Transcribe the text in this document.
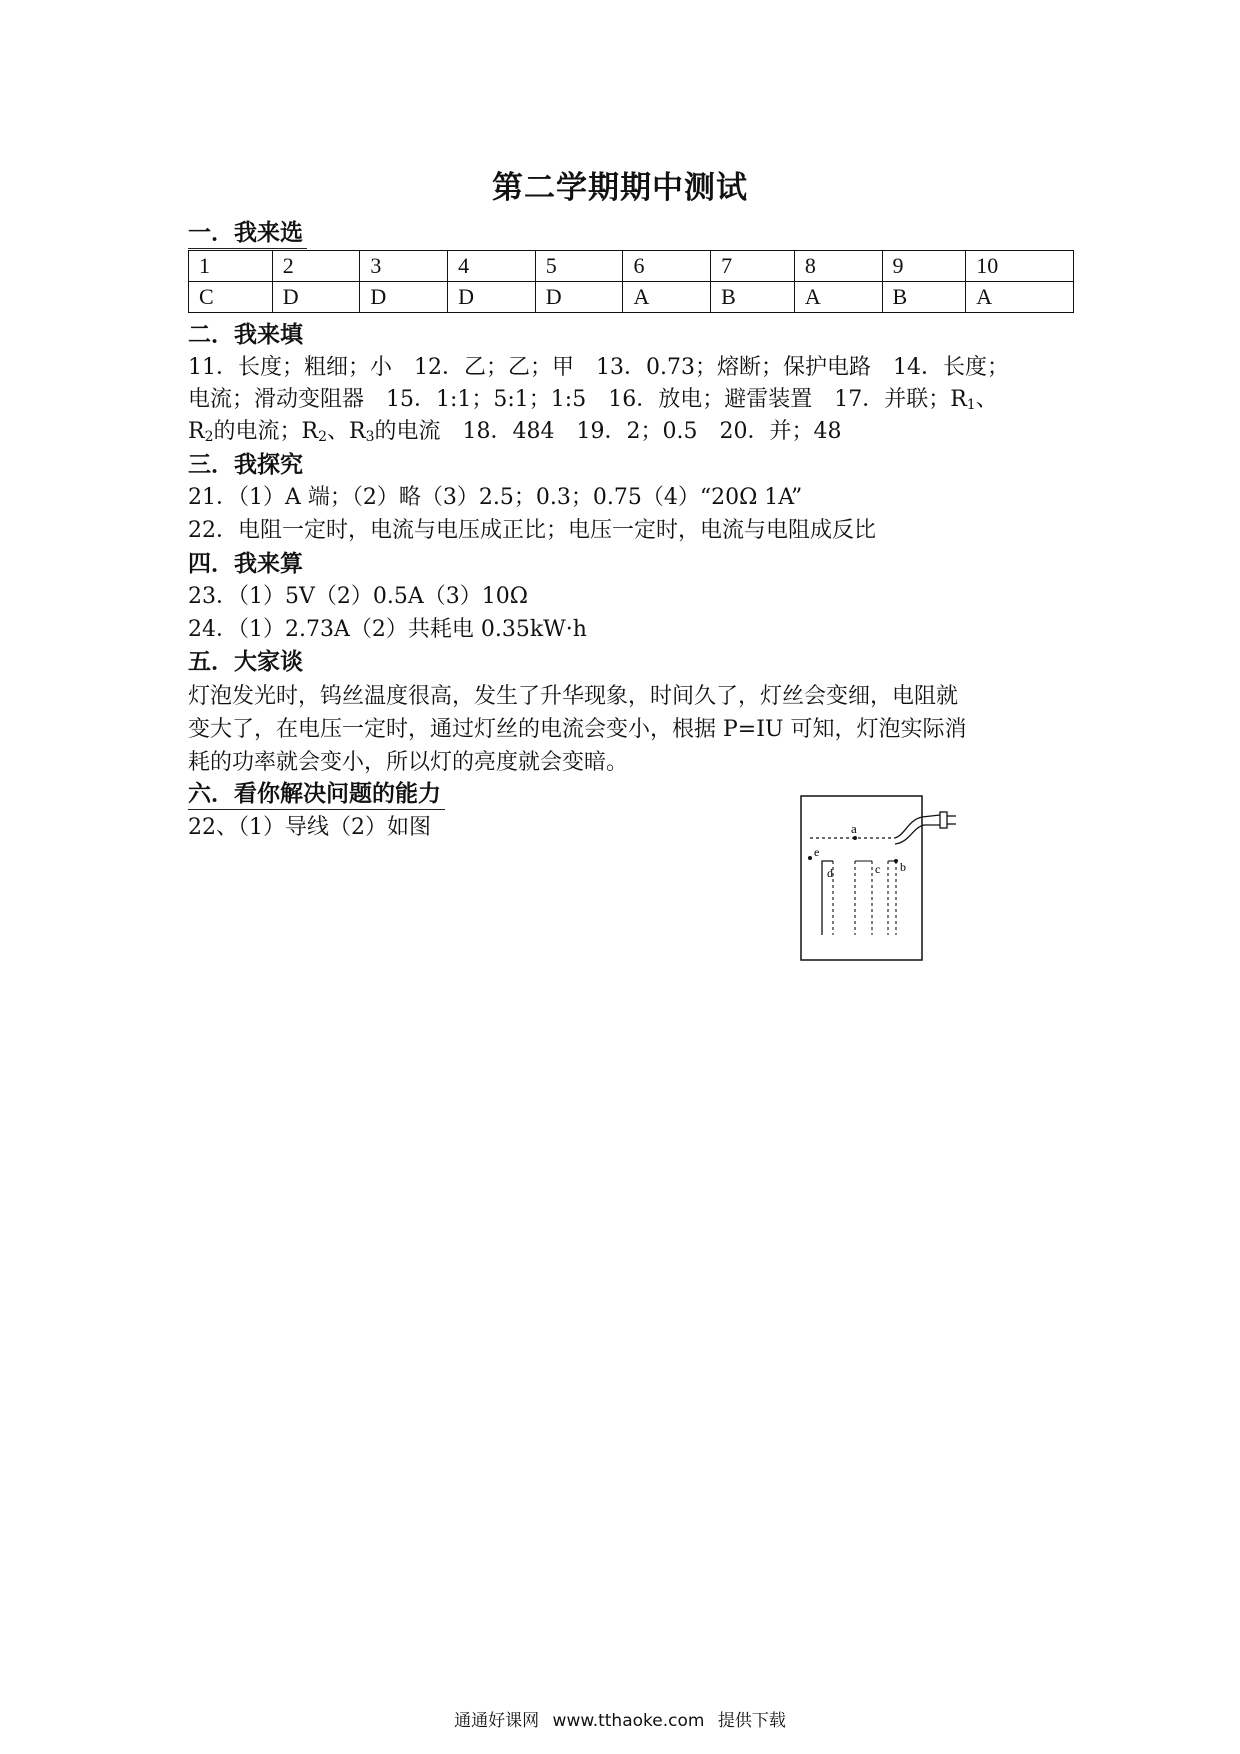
第二学期期中测试
一．我来选
1	2	3	4	5	6	7	8	9	10
C	D	D	D	D	A	B	A	B	A
二．我来填
11．长度；粗细；小　12．乙；乙；甲　13．0.73；熔断；保护电路　14．长度；
电流；滑动变阻器　15．1:1；5:1；1:5　16．放电；避雷装置　17．并联；$R_1$、
$R_2$的电流；$R_2$、$R_3$的电流　18．484　19．2；0.5　20．并；48
三．我探究
21．（1）A 端；（2）略（3）2.5；0.3；0.75（4）“20Ω 1A”
22．电阻一定时，电流与电压成正比；电压一定时，电流与电阻成反比
四．我来算
23．（1）5V（2）0.5A（3）10Ω
24．（1）2.73A（2）共耗电 0.35kW·h
五．大家谈
灯泡发光时，钨丝温度很高，发生了升华现象，时间久了，灯丝会变细，电阻就
变大了，在电压一定时，通过灯丝的电流会变小，根据 P=IU 可知，灯泡实际消
耗的功率就会变小，所以灯的亮度就会变暗。
六．看你解决问题的能力
22、（1）导线（2）如图	a
e
d	c b
通通好课网 www.tthaoke.com 提供下载
